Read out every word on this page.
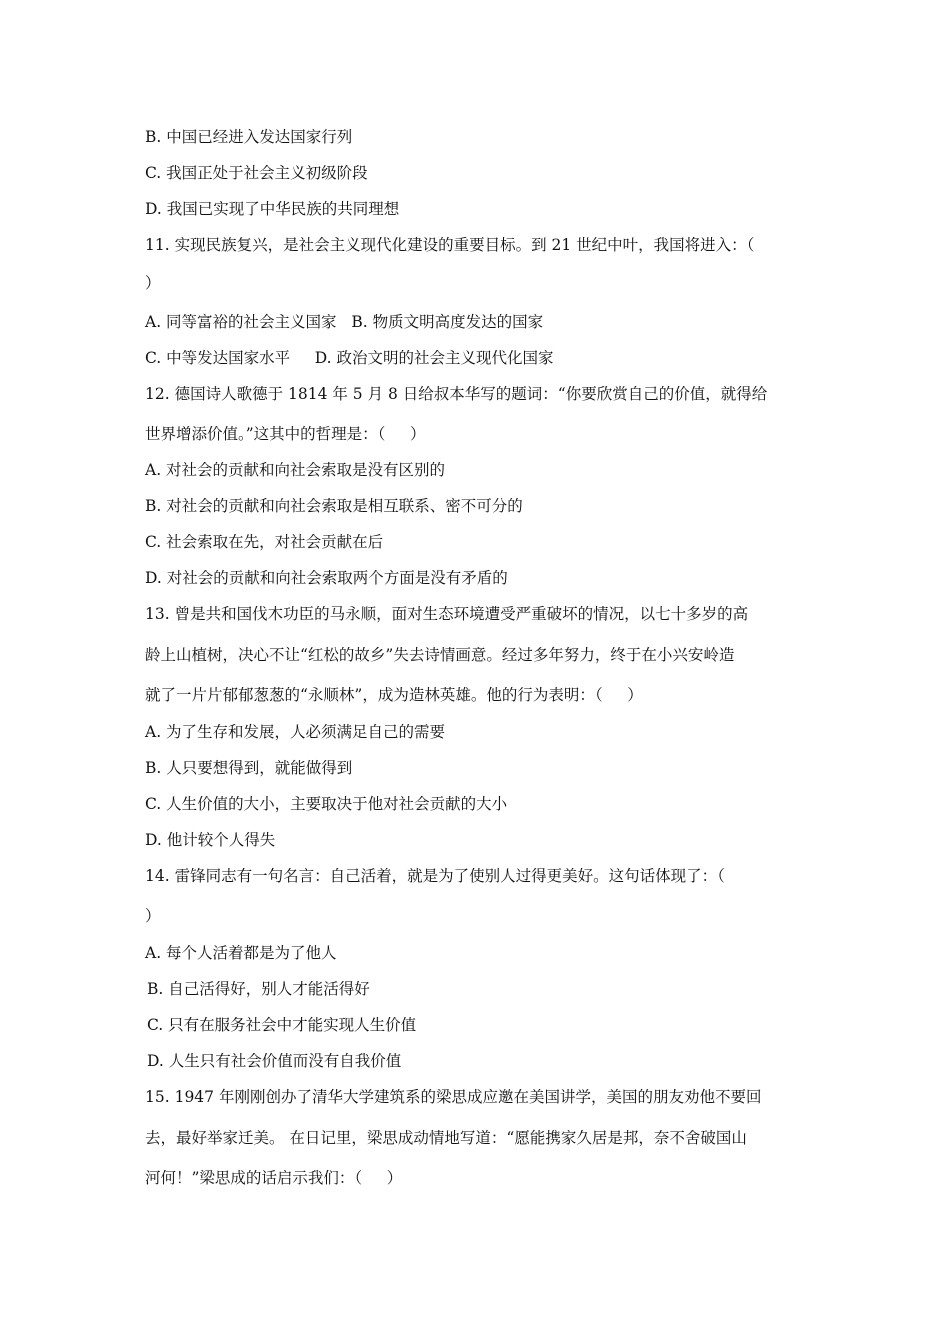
B. 中国已经进入发达国家行列
C. 我国正处于社会主义初级阶段
D. 我国已实现了中华民族的共同理想
11. 实现民族复兴，是社会主义现代化建设的重要目标。到 21 世纪中叶，我国将进入：（
）
A. 同等富裕的社会主义国家   B. 物质文明高度发达的国家
C. 中等发达国家水平     D. 政治文明的社会主义现代化国家
12. 德国诗人歌德于 1814 年 5 月 8 日给叔本华写的题词：“你要欣赏自己的价值，就得给
世界增添价值。”这其中的哲理是：（     ）
A. 对社会的贡献和向社会索取是没有区别的
B. 对社会的贡献和向社会索取是相互联系、密不可分的
C. 社会索取在先，对社会贡献在后
D. 对社会的贡献和向社会索取两个方面是没有矛盾的
13. 曾是共和国伐木功臣的马永顺，面对生态环境遭受严重破坏的情况，以七十多岁的高
龄上山植树，决心不让“红松的故乡”失去诗情画意。经过多年努力，终于在小兴安岭造
就了一片片郁郁葱葱的“永顺林”，成为造林英雄。他的行为表明：（     ）
A. 为了生存和发展，人必须满足自己的需要
B. 人只要想得到，就能做得到
C. 人生价值的大小，主要取决于他对社会贡献的大小
D. 他计较个人得失
14. 雷锋同志有一句名言：自己活着，就是为了使别人过得更美好。这句话体现了：（
）
A. 每个人活着都是为了他人
B. 自己活得好，别人才能活得好
C. 只有在服务社会中才能实现人生价值
D. 人生只有社会价值而没有自我价值
15. 1947 年刚刚创办了清华大学建筑系的梁思成应邀在美国讲学，美国的朋友劝他不要回
去，最好举家迁美。 在日记里，梁思成动情地写道：“愿能携家久居是邦，奈不舍破国山
河何！”梁思成的话启示我们：（     ）
